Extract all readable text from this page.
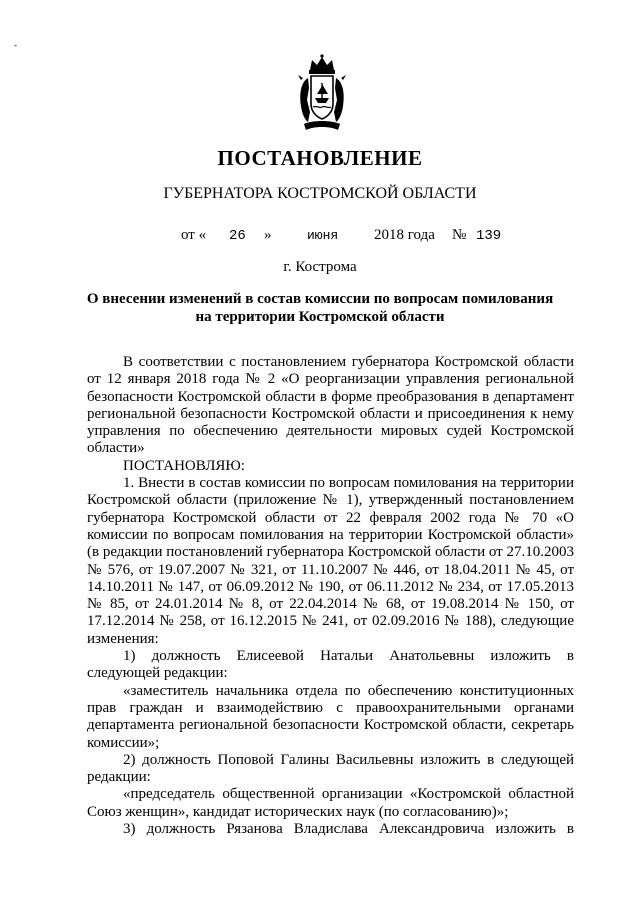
-
ПОСТАНОВЛЕНИЕ
ГУБЕРНАТОРА КОСТРОМСКОЙ ОБЛАСТИ
от « 26 »	июня 2018 года № 139
г. Кострома
О внесении изменений в состав комиссии по вопросам помилования
на территории Костромской области

В соответствии с постановлением губернатора Костромской области от 12 января 2018 года № 2 «О реорганизации управления региональной безопасности Костромской области в форме преобразования в департамент региональной безопасности Костромской области и присоединения к нему управления по обеспечению деятельности мировых судей Костромской области»

ПОСТАНОВЛЯЮ:

1. Внести в состав комиссии по вопросам помилования на территории Костромской области (приложение № 1), утвержденный постановлением губернатора Костромской области от 22 февраля 2002 года № 70 «О комиссии по вопросам помилования на территории Костромской области» (в редакции постановлений губернатора Костромской области от 27.10.2003 № 576, от 19.07.2007 № 321, от 11.10.2007 № 446, от 18.04.2011 № 45, от 14.10.2011 № 147, от 06.09.2012 № 190, от 06.11.2012 № 234, от 17.05.2013 № 85, от 24.01.2014 № 8, от 22.04.2014 № 68, от 19.08.2014 № 150, от 17.12.2014 № 258, от 16.12.2015 № 241, от 02.09.2016 № 188), следующие изменения:

1) должность Елисеевой Натальи Анатольевны изложить в следующей редакции:

«заместитель начальника отдела по обеспечению конституционных прав граждан и взаимодействию с правоохранительными органами департамента региональной безопасности Костромской области, секретарь комиссии»;

2) должность Поповой Галины Васильевны изложить в следующей редакции:

«председатель общественной организации «Костромской областной Союз женщин», кандидат исторических наук (по согласованию)»;

3) должность Рязанова Владислава Александровича изложить в
